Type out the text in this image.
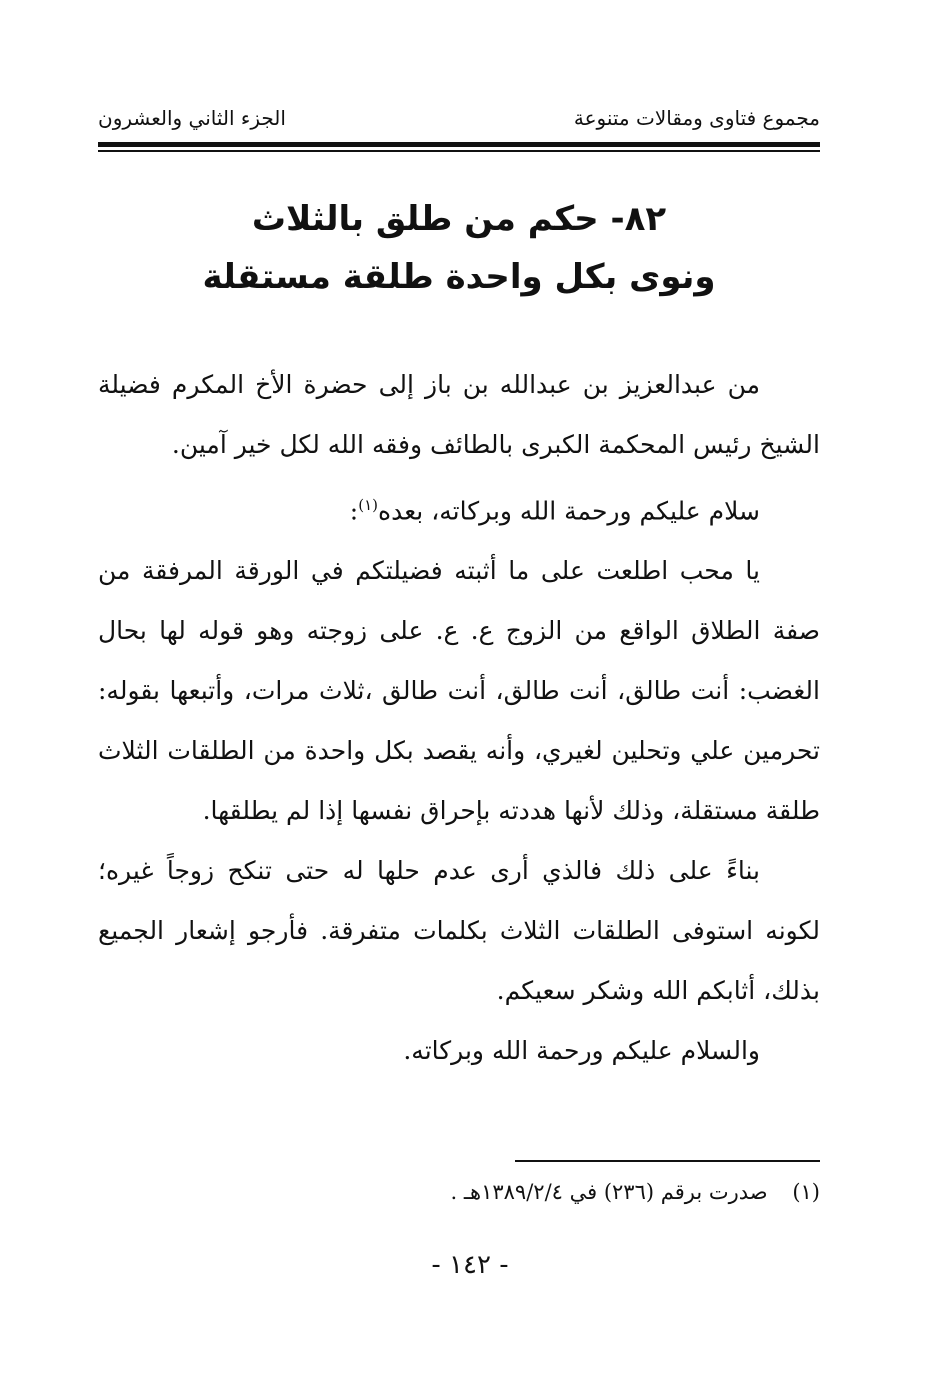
مجموع فتاوى ومقالات متنوعة
الجزء الثاني والعشرون
٨٢- حكم من طلق بالثلاث
ونوى بكل واحدة طلقة مستقلة

من عبدالعزيز بن عبدالله بن باز إلى حضرة الأخ المكرم فضيلة الشيخ رئيس المحكمة الكبرى بالطائف وفقه الله لكل خير آمين.

سلام عليكم ورحمة الله وبركاته، بعده$^{(١)}$:

يا محب اطلعت على ما أثبته فضيلتكم في الورقة المرفقة من صفة الطلاق الواقع من الزوج ع. ع. على زوجته وهو قوله لها بحال الغضب: أنت طالق، أنت طالق، أنت طالق ،ثلاث مرات، وأتبعها بقوله: تحرمين علي وتحلين لغيري، وأنه يقصد بكل واحدة من الطلقات الثلاث طلقة مستقلة، وذلك لأنها هددته بإحراق نفسها إذا لم يطلقها.

بناءً على ذلك فالذي أرى عدم حلها له حتى تنكح زوجاً غيره؛ لكونه استوفى الطلقات الثلاث بكلمات متفرقة. فأرجو إشعار الجميع بذلك، أثابكم الله وشكر سعيكم.

والسلام عليكم ورحمة الله وبركاته.

(١) صدرت برقم (٢٣٦) في ١٣٨٩/٢/٤هـ .
- ١٤٢ -
